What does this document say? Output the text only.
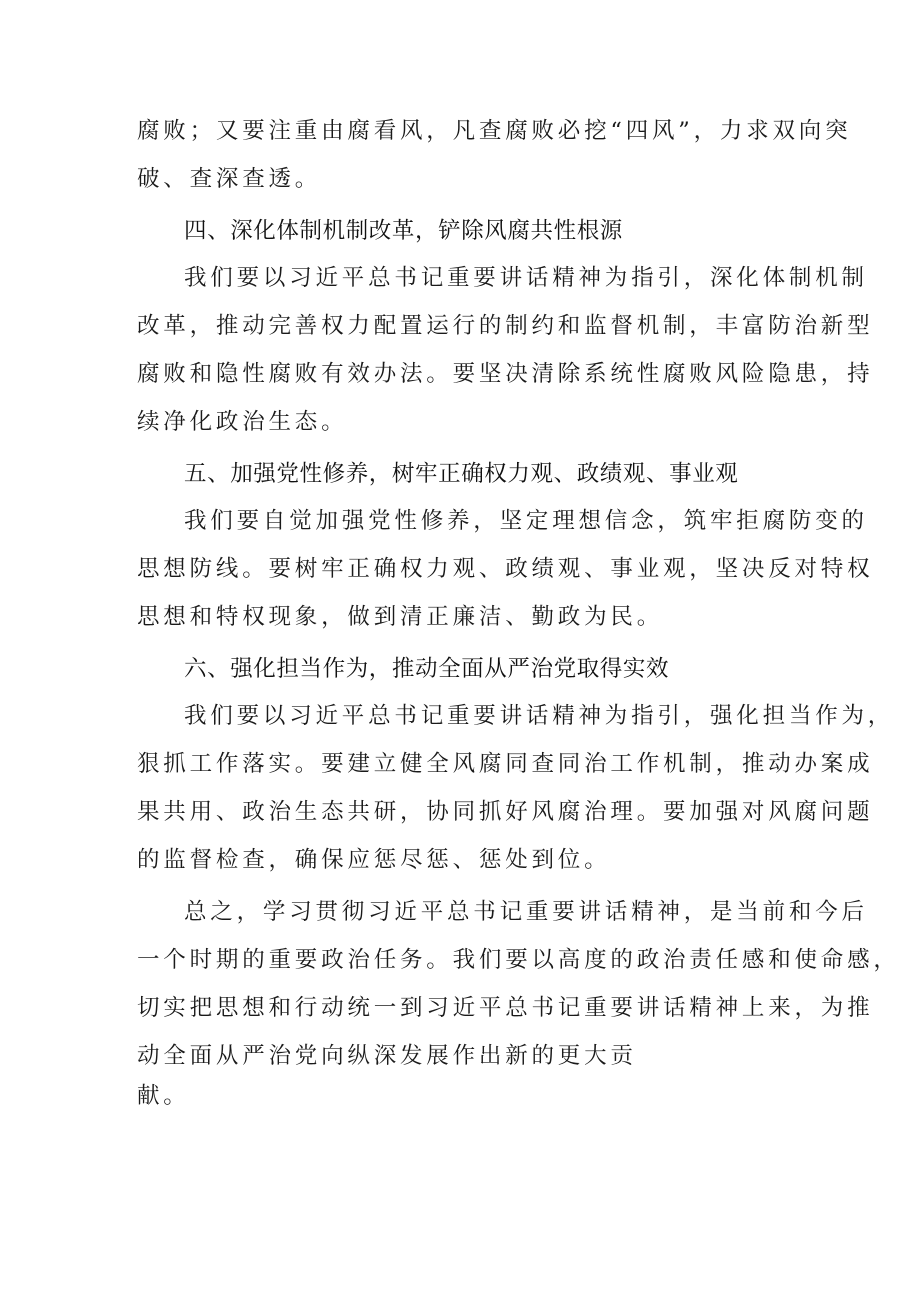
腐败；又要注重由腐看风，凡查腐败必挖“四风”，力求双向突
破、查深查透。
四、深化体制机制改革，铲除风腐共性根源
我们要以习近平总书记重要讲话精神为指引，深化体制机制
改革，推动完善权力配置运行的制约和监督机制，丰富防治新型
腐败和隐性腐败有效办法。要坚决清除系统性腐败风险隐患，持
续净化政治生态。
五、加强党性修养，树牢正确权力观、政绩观、事业观
我们要自觉加强党性修养，坚定理想信念，筑牢拒腐防变的
思想防线。要树牢正确权力观、政绩观、事业观，坚决反对特权
思想和特权现象，做到清正廉洁、勤政为民。
六、强化担当作为，推动全面从严治党取得实效
我们要以习近平总书记重要讲话精神为指引，强化担当作为，
狠抓工作落实。要建立健全风腐同查同治工作机制，推动办案成
果共用、政治生态共研，协同抓好风腐治理。要加强对风腐问题
的监督检查，确保应惩尽惩、惩处到位。
总之，学习贯彻习近平总书记重要讲话精神，是当前和今后
一个时期的重要政治任务。我们要以高度的政治责任感和使命感，
切实把思想和行动统一到习近平总书记重要讲话精神上来，为推
动全面从严治党向纵深发展作出新的更大贡
献。
